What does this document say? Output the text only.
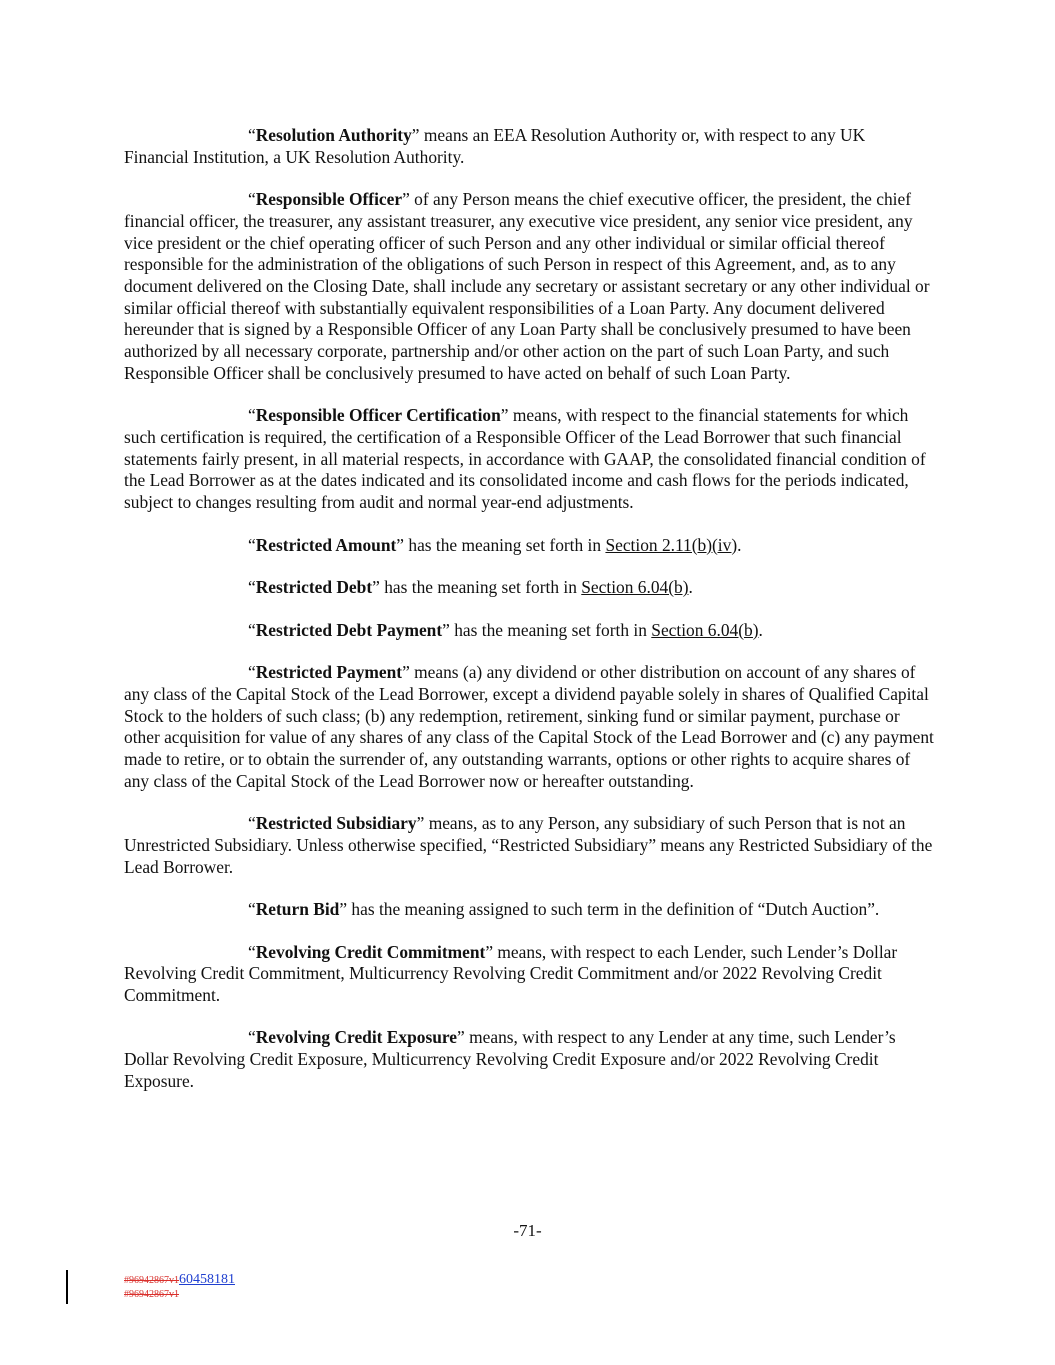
“Resolution Authority” means an EEA Resolution Authority or, with respect to any UK Financial Institution, a UK Resolution Authority.

“Responsible Officer” of any Person means the chief executive officer, the president, the chief financial officer, the treasurer, any assistant treasurer, any executive vice president, any senior vice president, any vice president or the chief operating officer of such Person and any other individual or similar official thereof responsible for the administration of the obligations of such Person in respect of this Agreement, and, as to any document delivered on the Closing Date, shall include any secretary or assistant secretary or any other individual or similar official thereof with substantially equivalent responsibilities of a Loan Party. Any document delivered hereunder that is signed by a Responsible Officer of any Loan Party shall be conclusively presumed to have been authorized by all necessary corporate, partnership and/or other action on the part of such Loan Party, and such Responsible Officer shall be conclusively presumed to have acted on behalf of such Loan Party.

“Responsible Officer Certification” means, with respect to the financial statements for which such certification is required, the certification of a Responsible Officer of the Lead Borrower that such financial statements fairly present, in all material respects, in accordance with GAAP, the consolidated financial condition of the Lead Borrower as at the dates indicated and its consolidated income and cash flows for the periods indicated, subject to changes resulting from audit and normal year-end adjustments.

“Restricted Amount” has the meaning set forth in Section 2.11(b)(iv).

“Restricted Debt” has the meaning set forth in Section 6.04(b).

“Restricted Debt Payment” has the meaning set forth in Section 6.04(b).

“Restricted Payment” means (a) any dividend or other distribution on account of any shares of any class of the Capital Stock of the Lead Borrower, except a dividend payable solely in shares of Qualified Capital Stock to the holders of such class; (b) any redemption, retirement, sinking fund or similar payment, purchase or other acquisition for value of any shares of any class of the Capital Stock of the Lead Borrower and (c) any payment made to retire, or to obtain the surrender of, any outstanding warrants, options or other rights to acquire shares of any class of the Capital Stock of the Lead Borrower now or hereafter outstanding.

“Restricted Subsidiary” means, as to any Person, any subsidiary of such Person that is not an Unrestricted Subsidiary. Unless otherwise specified, “Restricted Subsidiary” means any Restricted Subsidiary of the Lead Borrower.

“Return Bid” has the meaning assigned to such term in the definition of “Dutch Auction”.

“Revolving Credit Commitment” means, with respect to each Lender, such Lender’s Dollar Revolving Credit Commitment, Multicurrency Revolving Credit Commitment and/or 2022 Revolving Credit Commitment.

“Revolving Credit Exposure” means, with respect to any Lender at any time, such Lender’s Dollar Revolving Credit Exposure, Multicurrency Revolving Credit Exposure and/or 2022 Revolving Credit Exposure.

-71-
#96942867v160458181
#96942867v1
